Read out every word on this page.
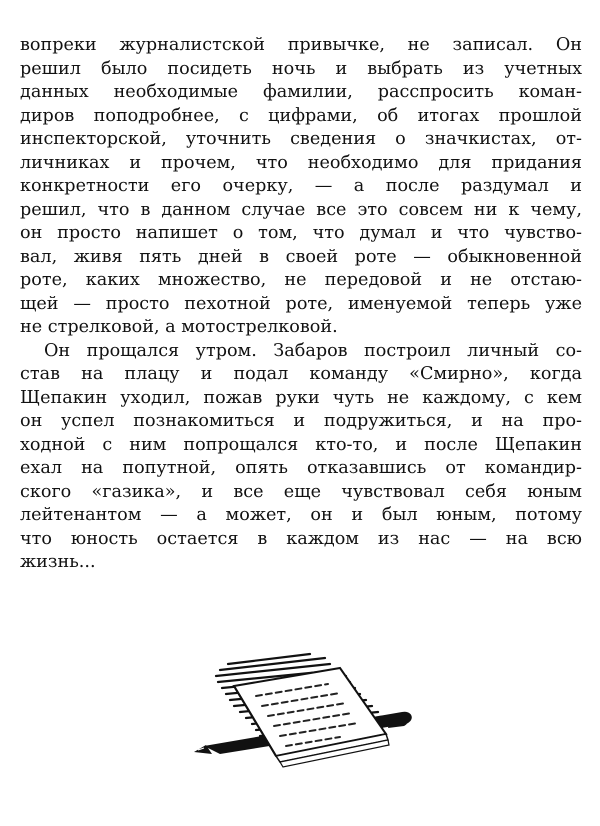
вопреки журналистской привычке, не записал. Он
решил было посидеть ночь и выбрать из учетных
данных необходимые фамилии, расспросить коман-
диров поподробнее, с цифрами, об итогах прошлой
инспекторской, уточнить сведения о значкистах, от-
личниках и прочем, что необходимо для придания
конкретности его очерку, — а после раздумал и
решил, что в данном случае все это совсем ни к чему,
он просто напишет о том, что думал и что чувство-
вал, живя пять дней в своей роте — обыкновенной
роте, каких множество, не передовой и не отстаю-
щей — просто пехотной роте, именуемой теперь уже
не стрелковой, а мотострелковой.
Он прощался утром. Забаров построил личный со-
став на плацу и подал команду «Смирно», когда
Щепакин уходил, пожав руки чуть не каждому, с кем
он успел познакомиться и подружиться, и на про-
ходной с ним попрощался кто-то, и после Щепакин
ехал на попутной, опять отказавшись от командир-
ского «газика», и все еще чувствовал себя юным
лейтенантом — а может, он и был юным, потому
что юность остается в каждом из нас — на всю
жизнь...
